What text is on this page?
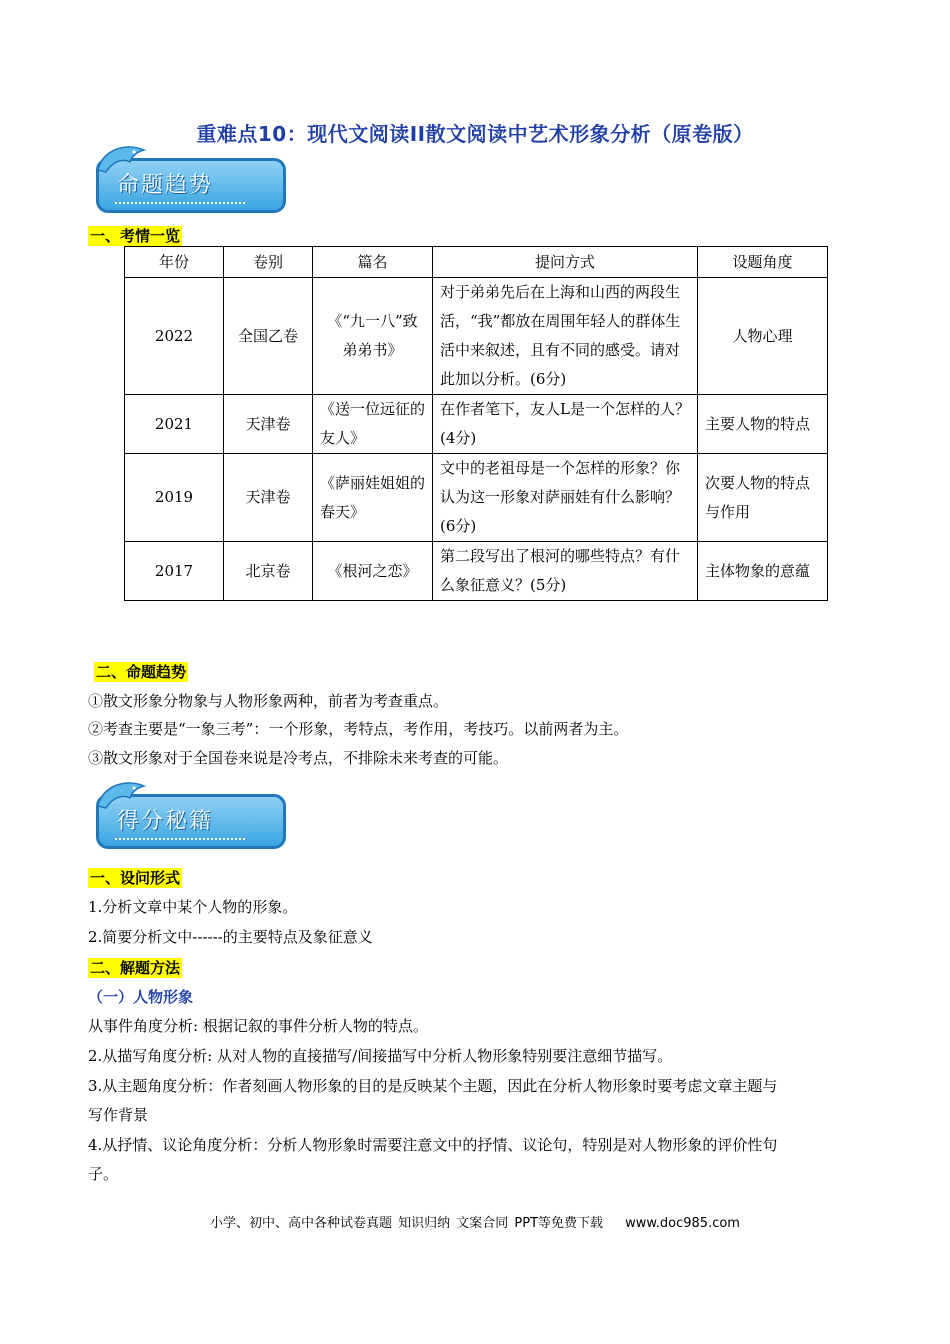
重难点10：现代文阅读II散文阅读中艺术形象分析（原卷版）
命题趋势
一、考情一览
年份	卷别	篇名	提问方式	设题角度
2022	全国乙卷	《“九一八”致弟弟书》	对于弟弟先后在上海和山西的两段生活，“我”都放在周围年轻人的群体生活中来叙述，且有不同的感受。请对此加以分析。(6分)	人物心理
2021	天津卷	《送一位远征的友人》	在作者笔下，友人L是一个怎样的人？(4分)	主要人物的特点
2019	天津卷	《萨丽娃姐姐的春天》	文中的老祖母是一个怎样的形象？你认为这一形象对萨丽娃有什么影响？(6分)	次要人物的特点与作用
2017	北京卷	《根河之恋》	第二段写出了根河的哪些特点？有什么象征意义？(5分)	主体物象的意蕴
二、命题趋势
①散文形象分物象与人物形象两种，前者为考查重点。
②考查主要是“一象三考”：一个形象，考特点，考作用，考技巧。以前两者为主。
③散文形象对于全国卷来说是冷考点，不排除未来考查的可能。
得分秘籍
一、设问形式
1.分析文章中某个人物的形象。
2.简要分析文中------的主要特点及象征意义
二、解题方法
（一）人物形象
从事件角度分析: 根据记叙的事件分析人物的特点。
2.从描写角度分析: 从对人物的直接描写/间接描写中分析人物形象特别要注意细节描写。
3.从主题角度分析：作者刻画人物形象的目的是反映某个主题，因此在分析人物形象时要考虑文章主题与
写作背景
4.从抒情、议论角度分析：分析人物形象时需要注意文中的抒情、议论句，特别是对人物形象的评价性句
子。
小学、初中、高中各种试卷真题 知识归纳 文案合同 PPT等免费下载 www.doc985.com
